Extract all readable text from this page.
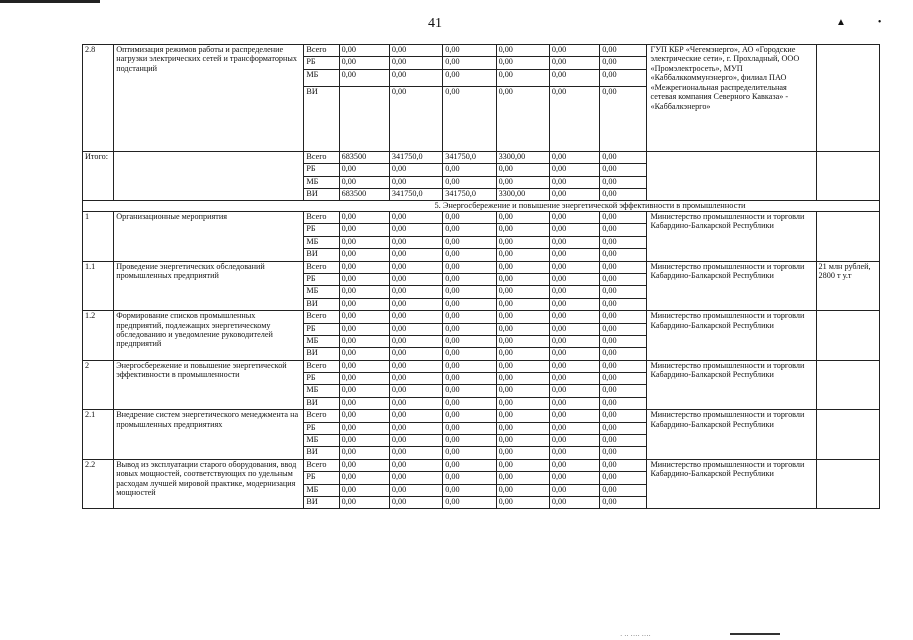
41	▲•
2.8	Оптимизация режимов работы и распределение нагрузки электрических сетей и трансформаторных подстанций	Всего	0,00	0,00	0,00	0,00	0,00	0,00	ГУП КБР «Чегемэнерго», АО «Городские электрические сети», г. Прохладный, ООО «Промэлектросеть», МУП «Каббалккоммунэнерго», филиал ПАО «Межрегиональная распределительная сетевая компания Северного Кавказа» - «Каббалкэнерго»	
		РБ	0,00	0,00	0,00	0,00	0,00	0,00		
		МБ	0,00	0,00	0,00	0,00	0,00	0,00		
		ВИ		0,00	0,00	0,00	0,00	0,00		
Итого:		Всего	683500	341750,0	341750,0	3300,00	0,00	0,00		
		РБ	0,00	0,00	0,00	0,00	0,00	0,00		
		МБ	0,00	0,00	0,00	0,00	0,00	0,00		
		ВИ	683500	341750,0	341750,0	3300,00	0,00	0,00		
5. Энергосбережение и повышение энергетической эффективности в промышленности										
1	Организационные мероприятия	Всего	0,00	0,00	0,00	0,00	0,00	0,00	Министерство промышленности и торговли Кабардино-Балкарской Республики	
		РБ	0,00	0,00	0,00	0,00	0,00	0,00		
		МБ	0,00	0,00	0,00	0,00	0,00	0,00		
		ВИ	0,00	0,00	0,00	0,00	0,00	0,00		
1.1	Проведение энергетических обследований промышленных предприятий	Всего	0,00	0,00	0,00	0,00	0,00	0,00	Министерство промышленности и торговли Кабардино-Балкарской Республики	21 млн рублей, 2800 т у.т
		РБ	0,00	0,00	0,00	0,00	0,00	0,00		
		МБ	0,00	0,00	0,00	0,00	0,00	0,00		
		ВИ	0,00	0,00	0,00	0,00	0,00	0,00		
1.2	Формирование списков промышленных предприятий, подлежащих энергетическому обследованию и уведомление руководителей предприятий	Всего	0,00	0,00	0,00	0,00	0,00	0,00	Министерство промышленности и торговли Кабардино-Балкарской Республики	
		РБ	0,00	0,00	0,00	0,00	0,00	0,00		
		МБ	0,00	0,00	0,00	0,00	0,00	0,00		
		ВИ	0,00	0,00	0,00	0,00	0,00	0,00		
2	Энергосбережение и повышение энергетической эффективности в промышленности	Всего	0,00	0,00	0,00	0,00	0,00	0,00	Министерство промышленности и торговли Кабардино-Балкарской Республики	
		РБ	0,00	0,00	0,00	0,00	0,00	0,00		
		МБ	0,00	0,00	0,00	0,00	0,00	0,00		
		ВИ	0,00	0,00	0,00	0,00	0,00	0,00		
2.1	Внедрение систем энергетического менеджмента на промышленных предприятиях	Всего	0,00	0,00	0,00	0,00	0,00	0,00	Министерство промышленности и торговли Кабардино-Балкарской Республики	
		РБ	0,00	0,00	0,00	0,00	0,00	0,00		
		МБ	0,00	0,00	0,00	0,00	0,00	0,00		
		ВИ	0,00	0,00	0,00	0,00	0,00	0,00		
2.2	Вывод из эксплуатации старого оборудования, ввод новых мощностей, соответствующих по удельным расходам лучшей мировой практике, модернизация мощностей	Всего	0,00	0,00	0,00	0,00	0,00	0,00	Министерство промышленности и торговли Кабардино-Балкарской Республики	
		РБ	0,00	0,00	0,00	0,00	0,00	0,00		
		МБ	0,00	0,00	0,00	0,00	0,00	0,00		
		ВИ	0,00	0,00	0,00	0,00	0,00	0,00		
· ·· ···· ····
